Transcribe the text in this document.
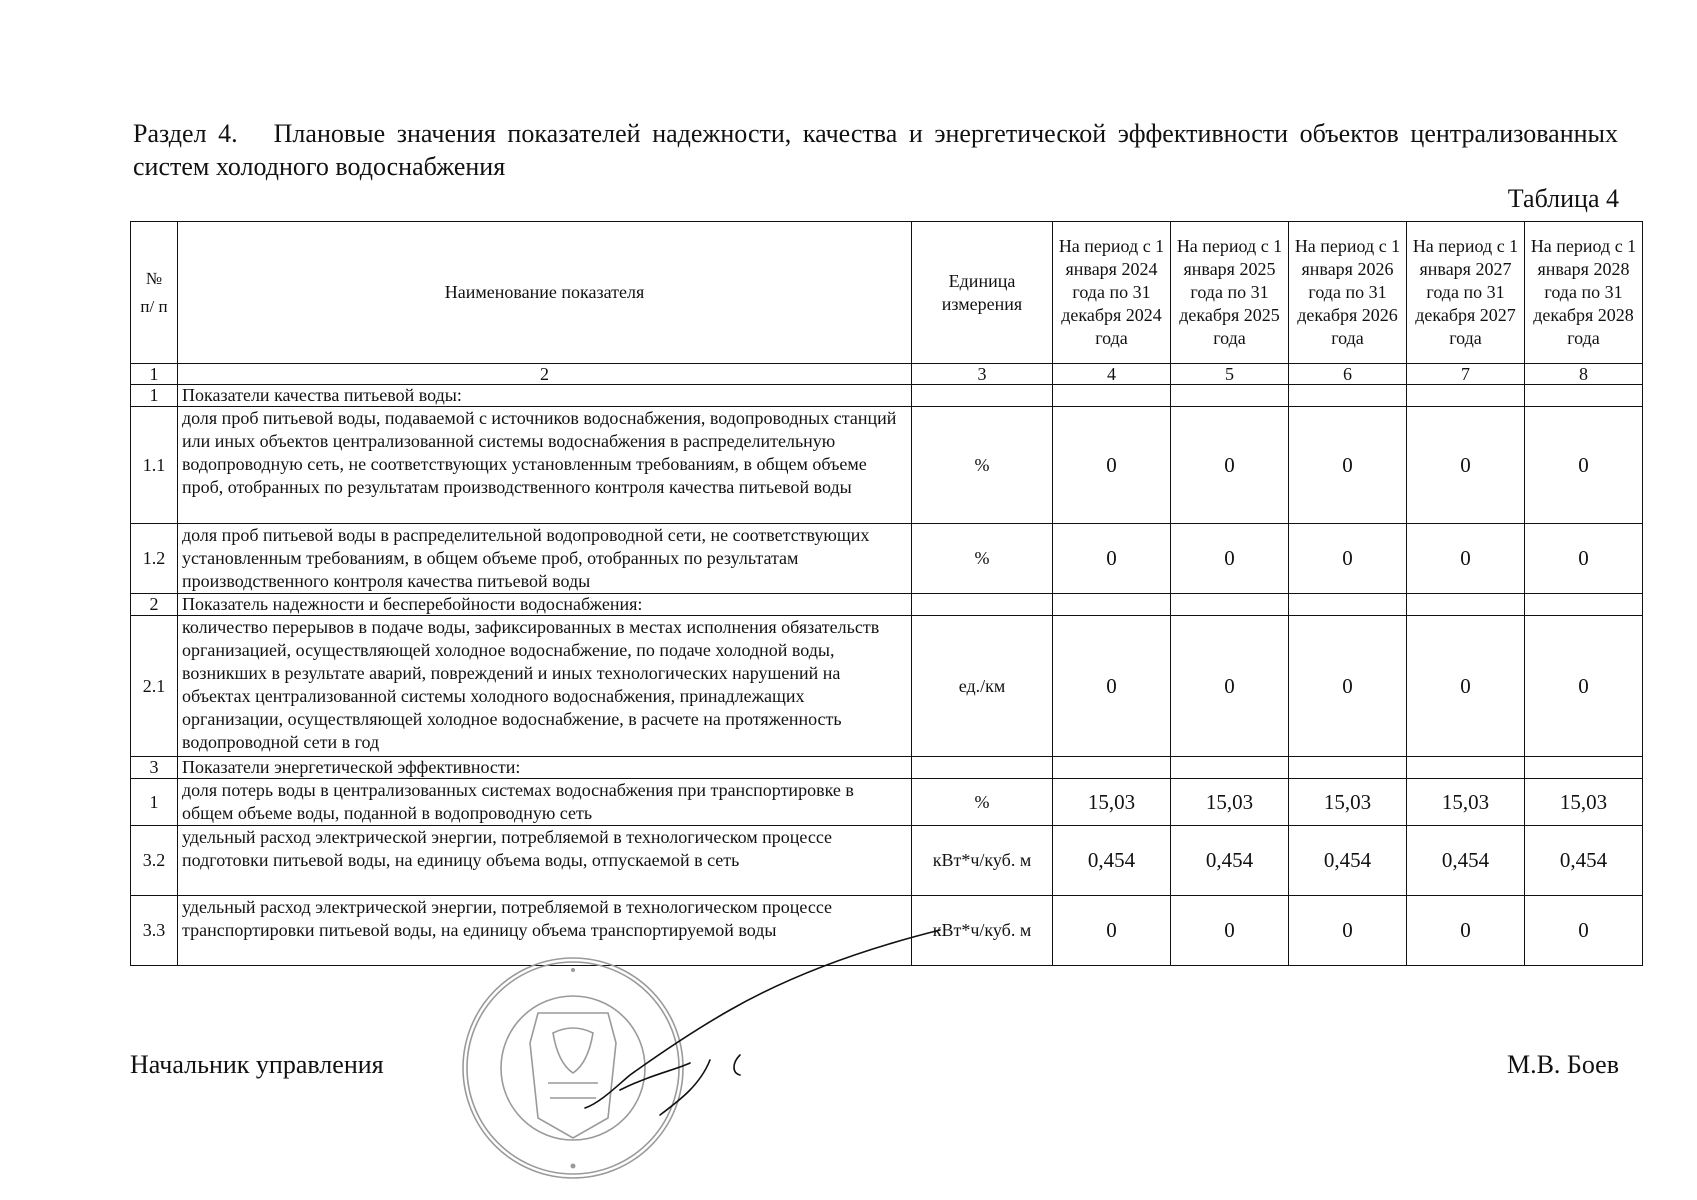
Раздел 4. Плановые значения показателей надежности, качества и энергетической эффективности объектов централизованных систем холодного водоснабжения
Таблица 4
№ п/ п	Наименование показателя	Единица измерения	На период с 1 января 2024 года по 31 декабря 2024 года	На период с 1 января 2025 года по 31 декабря 2025 года	На период с 1 января 2026 года по 31 декабря 2026 года	На период с 1 января 2027 года по 31 декабря 2027 года	На период с 1 января 2028 года по 31 декабря 2028 года
1	2	3	4	5	6	7	8
1	Показатели качества питьевой воды:						
1.1	доля проб питьевой воды, подаваемой с источников водоснабжения, водопроводных станций или иных объектов централизованной системы водоснабжения в распределительную водопроводную сеть, не соответствующих установленным требованиям, в общем объеме проб, отобранных по результатам производственного контроля качества питьевой воды	%	0	0	0	0	0
1.2	доля проб питьевой воды в распределительной водопроводной сети, не соответствующих установленным требованиям, в общем объеме проб, отобранных по результатам производственного контроля качества питьевой воды	%	0	0	0	0	0
2	Показатель надежности и бесперебойности водоснабжения:						
2.1	количество перерывов в подаче воды, зафиксированных в местах исполнения обязательств организацией, осуществляющей холодное водоснабжение, по подаче холодной воды, возникших в результате аварий, повреждений и иных технологических нарушений на объектах централизованной системы холодного водоснабжения, принадлежащих организации, осуществляющей холодное водоснабжение, в расчете на протяженность водопроводной сети в год	ед./км	0	0	0	0	0
3	Показатели энергетической эффективности:						
1	доля потерь воды в централизованных системах водоснабжения при транспортировке в общем объеме воды, поданной в водопроводную сеть	%	15,03	15,03	15,03	15,03	15,03
3.2	удельный расход электрической энергии, потребляемой в технологическом процессе подготовки питьевой воды, на единицу объема воды, отпускаемой в сеть	кВт*ч/куб. м	0,454	0,454	0,454	0,454	0,454
3.3	удельный расход электрической энергии, потребляемой в технологическом процессе транспортировки питьевой воды, на единицу объема транспортируемой воды	кВт*ч/куб. м	0	0	0	0	0
Начальник управления	М.В. Боев
